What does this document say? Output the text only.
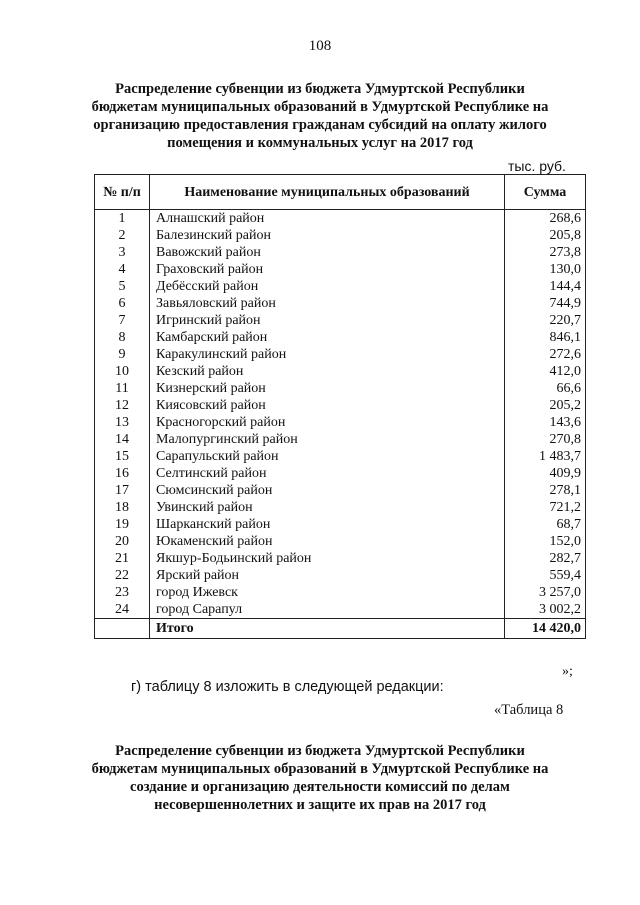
108
Распределение субвенции из бюджета Удмуртской Республики
бюджетам муниципальных образований в Удмуртской Республике на
организацию предоставления гражданам субсидий на оплату жилого
помещения и коммунальных услуг на 2017 год
тыс. руб.
№ п/п	Наименование муниципальных образований	Сумма
1	Алнашский район	268,6
2	Балезинский район	205,8
3	Вавожский район	273,8
4	Граховский район	130,0
5	Дебёсский район	144,4
6	Завьяловский район	744,9
7	Игринский район	220,7
8	Камбарский район	846,1
9	Каракулинский район	272,6
10	Кезский район	412,0
11	Кизнерский район	66,6
12	Киясовский район	205,2
13	Красногорский район	143,6
14	Малопургинский район	270,8
15	Сарапульский район	1 483,7
16	Селтинский район	409,9
17	Сюмсинский район	278,1
18	Увинский район	721,2
19	Шарканский район	68,7
20	Юкаменский район	152,0
21	Якшур-Бодьинский район	282,7
22	Ярский район	559,4
23	город Ижевск	3 257,0
24	город Сарапул	3 002,2
	Итого	14 420,0
»;
г) таблицу 8 изложить в следующей редакции:
«Таблица 8
Распределение субвенции из бюджета Удмуртской Республики
бюджетам муниципальных образований в Удмуртской Республике на
создание и организацию деятельности комиссий по делам
несовершеннолетних и защите их прав на 2017 год
